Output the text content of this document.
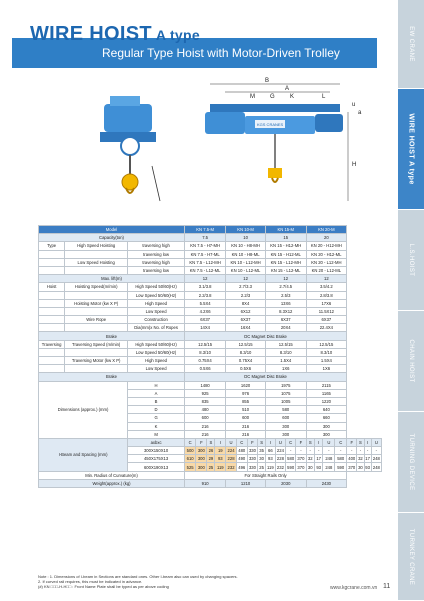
WIRE HOIST A type
Regular Type Hoist with Motor-Driven Trolley	EW CRANE
WIRE HOIST A type
L.S.HOIST
CHAIN HOIST
TURNING DEVICE
TURNKEY CRANE
KGS CRANES
B
A
M	G	K	L
u
a
H
Model			KN 7.5-M				KN 10-M				KN 15-M				KN 20-M							
Capacity(ton)			7.5				10				15				20							
Type	High Speed Hoisting	traversing high	KN 7.5 - H7-MH				KN 10 - H8-MH				KN 15 - H12-MH				KN 20 - H12-MH							
		traversing low	KN 7.5 - H7-ML				KN 10 - H8-ML				KN 15 - H12-ML				KN 20 - H12-ML							
	Low Speed Hoisting	traversing high	KN 7.5 - L12-MH				KN 10 - L12-MH				KN 15 - L12-MH				KN 20 - L12-MH							
		traversing low	KN 7.5 - L12-ML				KN 10 - L12-ML				KN 15 - L12-ML				KN 20 - L12-ML							
Max. lift(m)			12				12				12				12							
Hoist	Hoisting Speed(m/min)	High Speed 50/60(Hz)	3.1/3.8				2.7/3.3				2.7/4.5				3.5/4.2							
		Low Speed 50/60(Hz)	2.2/3.8				2.2/3				2.5/3				2.8/3.8							
	Hoisting Motor (kw X P)	High Speed	5.5X4				8X4				13X6				17X6							
		Low Speed	4.2X6				6X12				8.3X12				11.5X12							
	Wire Rope	Construction	6X37				6X37				6X37				6X37							
		Dia(mm)x No. of Ropes	14X4				16X4				20X4				22.4X4							
Brake			DC Magnet Disc Brake																			
Traversing	Traversing Speed (m/min)	High Speed 50/60(Hz)	12.5/15				12.5/15				12.5/15				12.5/15							
		Low Speed 50/60(Hz)	8.3/10				8.3/10				8.3/10				8.3/10							
	Traversing Motor (kw X P)	High Speed	0.75X4				0.75X4				1.5X4				1.5X4							
		Low Speed	0.5X6				0.5X6				1X6				1X6							
Brake			DC Magnet Disc Brake																			
Dimensions (approx.) (mm)		H	1480				1620				1975				2115							
		A	925				976				1075				1165							
		B	835				855				1005				1220							
		D	480				510				580				640							
		G	600				600				600				660							
		K	216				216				300				300							
		M	216				216				300				300							
I-Beam and Spacing (mm)		axbxc	C	F	S	I	U	C	F	S	I	U	C	F	S	I	U	C	F	S	I	U
		300X150X10	500	300	26	19	224	480	330	35	66	224	-	-	-	-	-	-	-	-	-	-
		450X175X13	610	300	29	93	228	490	330	30	93	228	580	370	32	17	248	580	400	32	17	248
		600X190X13	525	300	25	119	232	496	330	25	119	232	590	370	30	93	248	590	370	30	93	248
Min. Radius of Curvature(m)			For Straight Rails Only																			
Weight(approx.) (kg)			910				1210				2030				2430							
Note : 1. Dimensions of I-beam in Sections are standard ones. Other I-beam also can used by changing spacers.
2. If curved rail requires, this must be indicated in advance.
(#) KN □□□-H-H□□ : Front Name Plate shall be typed as per above coding	www.kgcrane.com.vn 11
